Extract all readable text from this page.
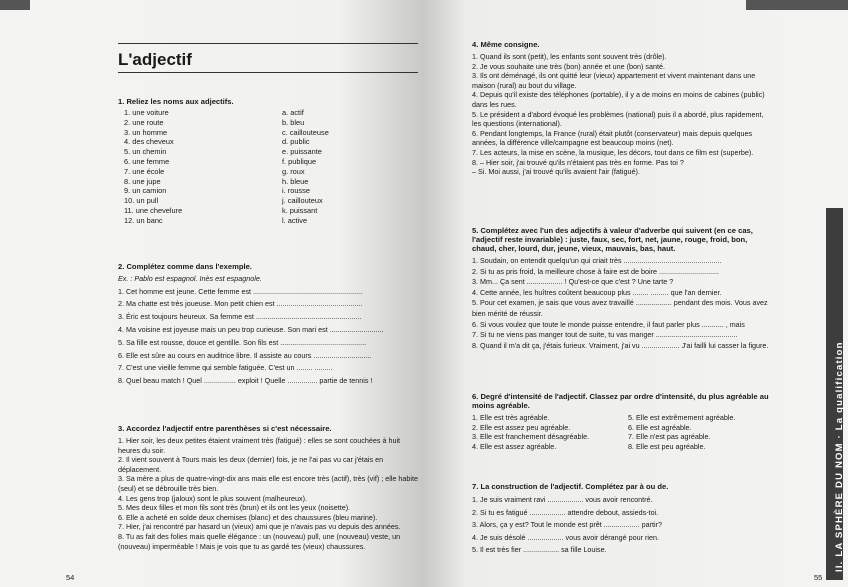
L'adjectif

1. Reliez les noms aux adjectifs.

1. une voiture
2. une route
3. un homme
4. des cheveux
5. un chemin
6. une femme
7. une école
8. une jupe
9. un camion
10. un pull
11. une chevelure
12. un banc
a. actif
b. bleu
c. caillouteuse
d. public
e. puissante
f. publique
g. roux
h. bleue
i. rousse
j. caillouteux
k. puissant
l. active

2. Complétez comme dans l'exemple.

Ex. : Pablo est espagnol. Inès est espagnole.

1. Cet homme est jeune. Cette femme est .......................................................

2. Ma chatte est très joueuse. Mon petit chien est ...........................................

3. Éric est toujours heureux. Sa femme est .....................................................

4. Ma voisine est joyeuse mais un peu trop curieuse. Son mari est ...........................

5. Sa fille est rousse, douce et gentille. Son fils est ...........................................

6. Elle est sûre au cours en auditrice libre. Il assiste au cours .............................

7. C'est une vieille femme qui semble fatiguée. C'est un ........ .........

8. Quel beau match ! Quel ................ exploit ! Quelle ............... partie de tennis !

3. Accordez l'adjectif entre parenthèses si c'est nécessaire.

1. Hier soir, les deux petites étaient vraiment très (fatigué) : elles se sont couchées à huit heures du soir.

2. Il vient souvent à Tours mais les deux (dernier) fois, je ne l'ai pas vu car j'étais en déplacement.

3. Sa mère a plus de quatre-vingt-dix ans mais elle est encore très (actif), très (vif) ; elle habite (seul) et se débrouille très bien.

4. Les gens trop (jaloux) sont le plus souvent (malheureux).

5. Mes deux filles et mon fils sont très (brun) et ils ont les yeux (noisette).

6. Elle a acheté en solde deux chemises (blanc) et des chaussures (bleu marine).

7. Hier, j'ai rencontré par hasard un (vieux) ami que je n'avais pas vu depuis des années.

8. Tu as fait des folies mais quelle élégance : un (nouveau) pull, une (nouveau) veste, un (nouveau) imperméable ! Mais je vois que tu as gardé tes (vieux) chaussures.

54

4. Même consigne.

1. Quand ils sont (petit), les enfants sont souvent très (drôle).

2. Je vous souhaite une très (bon) année et une (bon) santé.

3. Ils ont déménagé, ils ont quitté leur (vieux) appartement et vivent maintenant dans une maison (rural) au bout du village.

4. Depuis qu'il existe des téléphones (portable), il y a de moins en moins de cabines (public) dans les rues.

5. Le président a d'abord évoqué les problèmes (national) puis il a abordé, plus rapidement, les questions (international).

6. Pendant longtemps, la France (rural) était plutôt (conservateur) mais depuis quelques années, la différence ville/campagne est beaucoup moins (net).

7. Les acteurs, la mise en scène, la musique, les décors, tout dans ce film est (superbe).

8. – Hier soir, j'ai trouvé qu'ils n'étaient pas très en forme. Pas toi ?

– Si. Moi aussi, j'ai trouvé qu'ils avaient l'air (fatigué).

5. Complétez avec l'un des adjectifs à valeur d'adverbe qui suivent (en ce cas, l'adjectif reste invariable) : juste, faux, sec, fort, net, jaune, rouge, froid, bon, chaud, cher, lourd, dur, jeune, vieux, mauvais, bas, haut.

1. Soudain, on entendit quelqu'un qui criait très .................................................

2. Si tu as pris froid, la meilleure chose à faire est de boire ..............................

3. Mm... Ça sent .................. ! Qu'est-ce que c'est ? Une tarte ?

4. Cette année, les huîtres coûtent beaucoup plus ........ ......... que l'an dernier.

5. Pour cet examen, je sais que vous avez travaillé .................. pendant des mois. Vous avez bien mérité de réussir.

6. Si vous voulez que toute le monde puisse entendre, il faut parler plus ........... , mais

7. Si tu ne viens pas manger tout de suite, tu vas manger .........................................

8. Quand il m'a dit ça, j'étais furieux. Vraiment, j'ai vu ................... J'ai failli lui casser la figure.

6. Degré d'intensité de l'adjectif. Classez par ordre d'intensité, du plus agréable au moins agréable.

1. Elle est très agréable.

2. Elle est assez peu agréable.

3. Elle est franchement désagréable.

4. Elle est assez agréable.

5. Elle est extrêmement agréable.

6. Elle est agréable.

7. Elle n'est pas agréable.

8. Elle est peu agréable.

7. La construction de l'adjectif. Complétez par à ou de.

1. Je suis vraiment ravi .................. vous avoir rencontré.

2. Si tu es fatigué .................. attendre debout, assieds-toi.

3. Alors, ça y est? Tout le monde est prêt .................. partir?

4. Je suis désolé .................. vous avoir dérangé pour rien.

5. Il est très fier .................. sa fille Louise.

55
II. LA SPHÈRE DU NOM · La qualification
